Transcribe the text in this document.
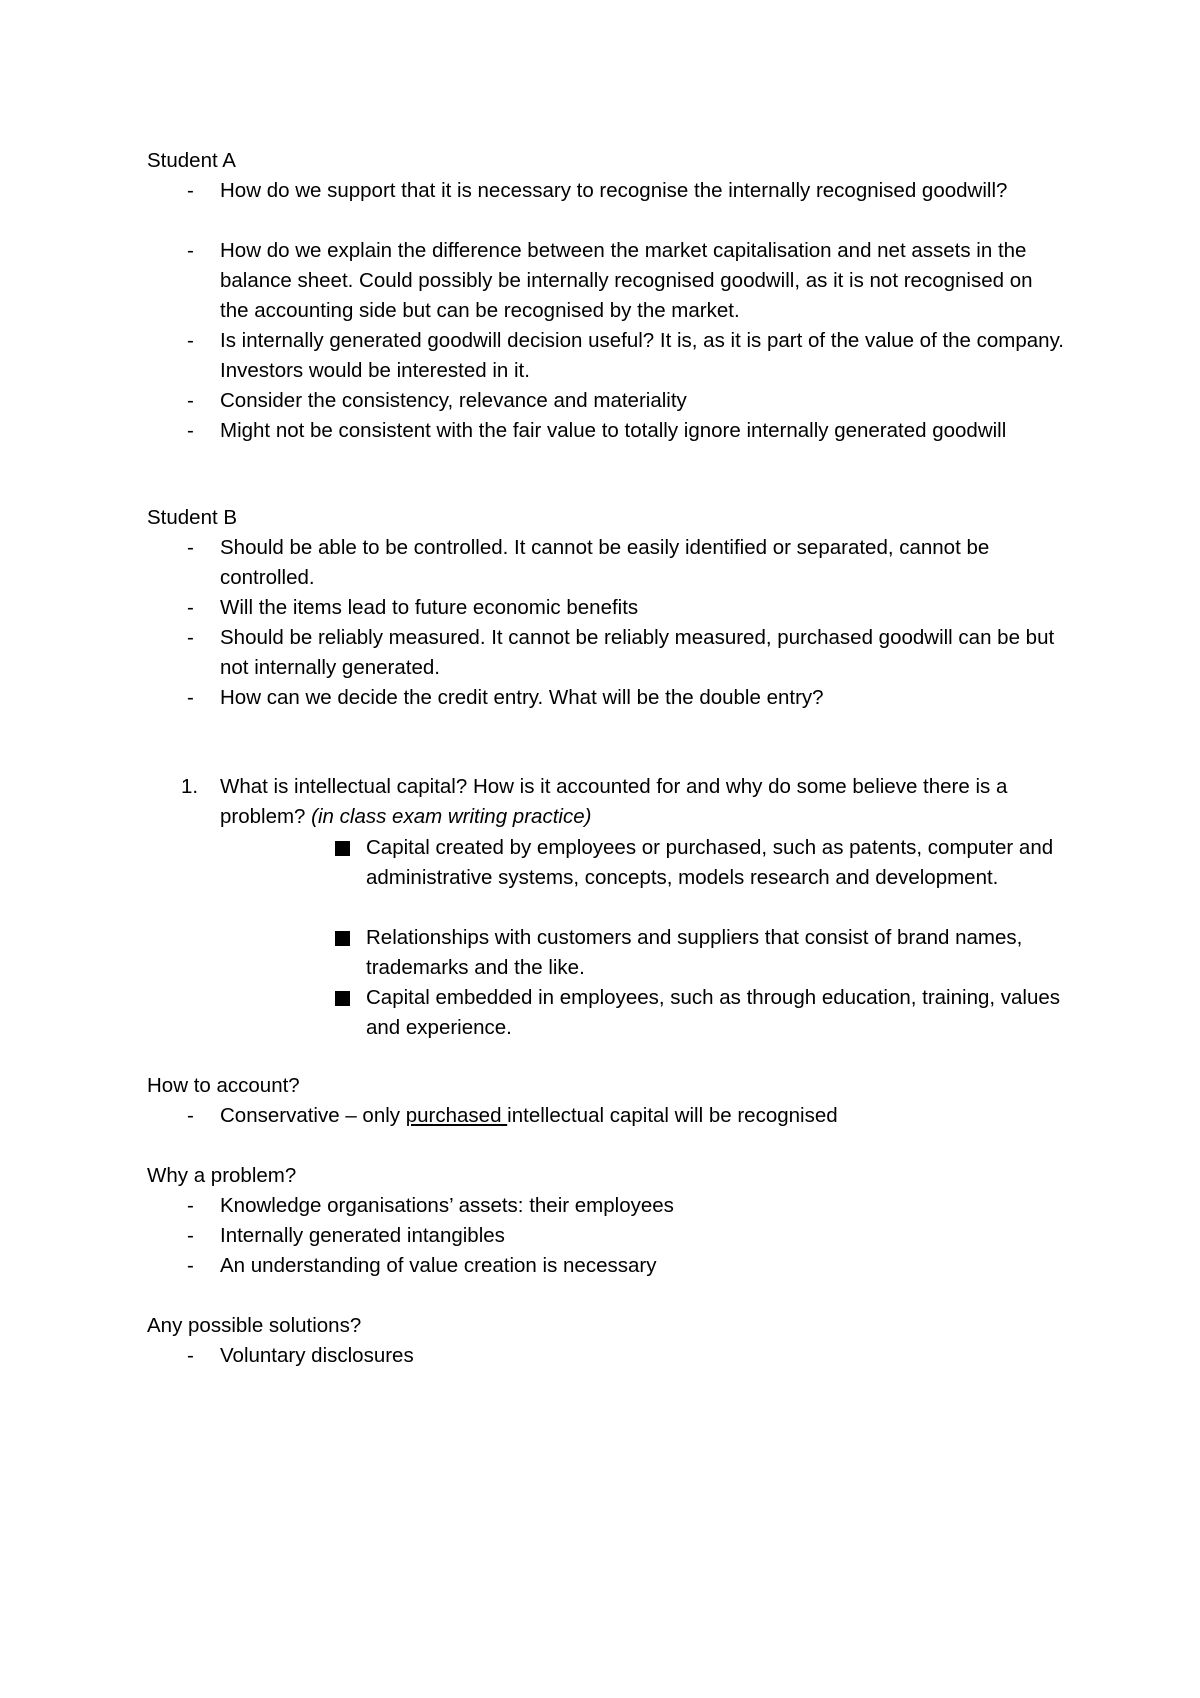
Student A
- How do we support that it is necessary to recognise the internally recognised goodwill?
- How do we explain the difference between the market capitalisation and net assets in the balance sheet. Could possibly be internally recognised goodwill, as it is not recognised on the accounting side but can be recognised by the market.
- Is internally generated goodwill decision useful? It is, as it is part of the value of the company. Investors would be interested in it.
- Consider the consistency, relevance and materiality
- Might not be consistent with the fair value to totally ignore internally generated goodwill
Student B
- Should be able to be controlled. It cannot be easily identified or separated, cannot be controlled.
- Will the items lead to future economic benefits
- Should be reliably measured. It cannot be reliably measured, purchased goodwill can be but not internally generated.
- How can we decide the credit entry. What will be the double entry?
1. What is intellectual capital? How is it accounted for and why do some believe there is a problem? (in class exam writing practice)
Capital created by employees or purchased, such as patents, computer and administrative systems, concepts, models research and development.
Relationships with customers and suppliers that consist of brand names, trademarks and the like.
Capital embedded in employees, such as through education, training, values and experience.
How to account?
- Conservative – only purchased intellectual capital will be recognised
Why a problem?
- Knowledge organisations’ assets: their employees
- Internally generated intangibles
- An understanding of value creation is necessary
Any possible solutions?
- Voluntary disclosures
